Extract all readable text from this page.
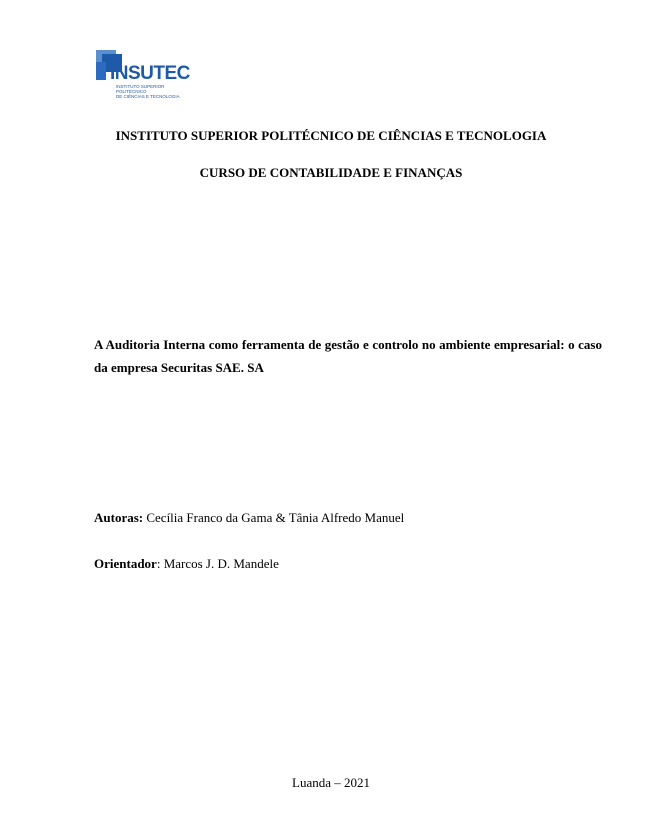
INSUTEC
INSTITUTO SUPERIOR POLITÉCNICO
DE CIÊNCIAS E TECNOLOGIA
INSTITUTO SUPERIOR POLITÉCNICO DE CIÊNCIAS E TECNOLOGIA
CURSO DE CONTABILIDADE E FINANÇAS
A Auditoria Interna como ferramenta de gestão e controlo no ambiente empresarial: o caso da empresa Securitas SAE. SA
Autoras: Cecília Franco da Gama & Tânia Alfredo Manuel
Orientador: Marcos J. D. Mandele
Luanda – 2021
